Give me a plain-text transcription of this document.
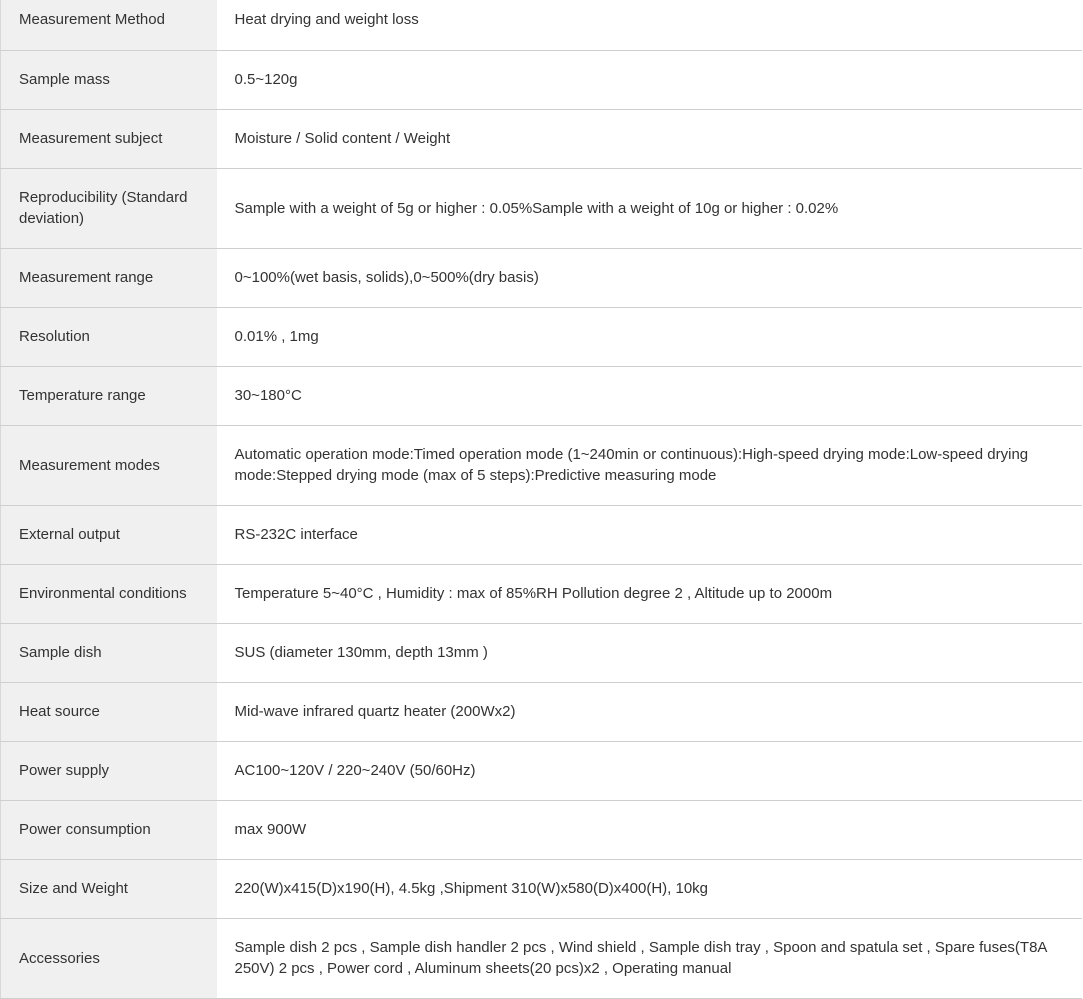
Measurement Method	Heat drying and weight loss
Sample mass	0.5~120g
Measurement subject	Moisture / Solid content / Weight
Reproducibility (Standard deviation)	Sample with a weight of 5g or higher : 0.05%Sample with a weight of 10g or higher : 0.02%
Measurement range	0~100%(wet basis, solids),0~500%(dry basis)
Resolution	0.01% , 1mg
Temperature range	30~180°C
Measurement modes	Automatic operation mode:Timed operation mode (1~240min or continuous):High-speed drying mode:Low-speed drying mode:Stepped drying mode (max of 5 steps):Predictive measuring mode
External output	RS-232C interface
Environmental conditions	Temperature 5~40°C , Humidity : max of 85%RH Pollution degree 2 , Altitude up to 2000m
Sample dish	SUS (diameter 130mm, depth 13mm )
Heat source	Mid-wave infrared quartz heater (200Wx2)
Power supply	AC100~120V / 220~240V (50/60Hz)
Power consumption	max 900W
Size and Weight	220(W)x415(D)x190(H), 4.5kg ,Shipment 310(W)x580(D)x400(H), 10kg
Accessories	Sample dish 2 pcs , Sample dish handler 2 pcs , Wind shield , Sample dish tray , Spoon and spatula set , Spare fuses(T8A 250V) 2 pcs , Power cord , Aluminum sheets(20 pcs)x2 , Operating manual
